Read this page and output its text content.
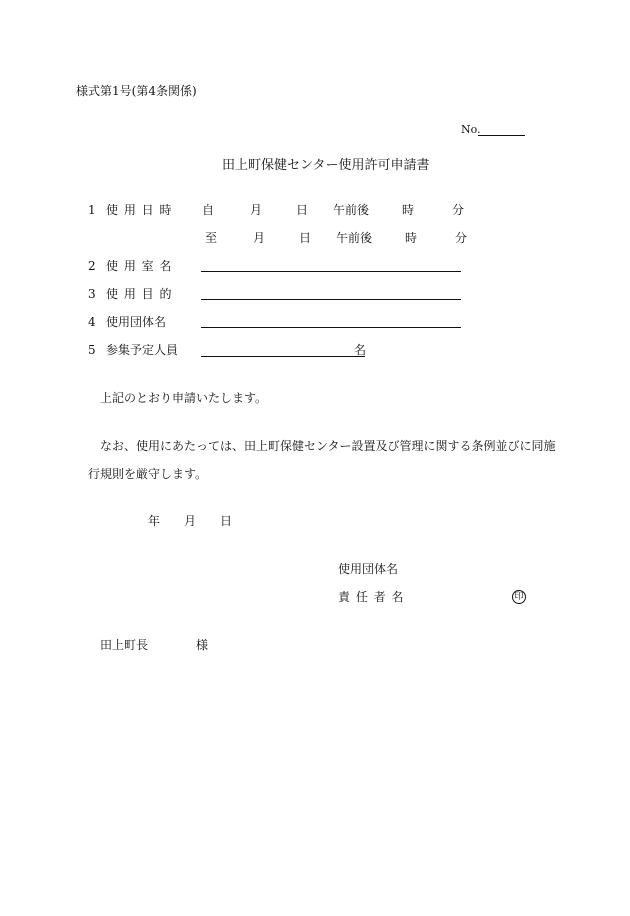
様式第1号(第4条関係)
No.
田上町保健センター使用許可申請書
1 使 用 日 時 自	月	日 午前後	時	分
至	月	日 午前後	時	分
2 使 用 室 名
3 使 用 目 的
4 使用団体名
5 参集予定人員	名
上記のとおり申請いたします。
なお、使用にあたっては、田上町保健センター設置及び管理に関する条例並びに同施
行規則を厳守します。
年 月 日
使用団体名
責 任 者 名	印
田上町長	様
